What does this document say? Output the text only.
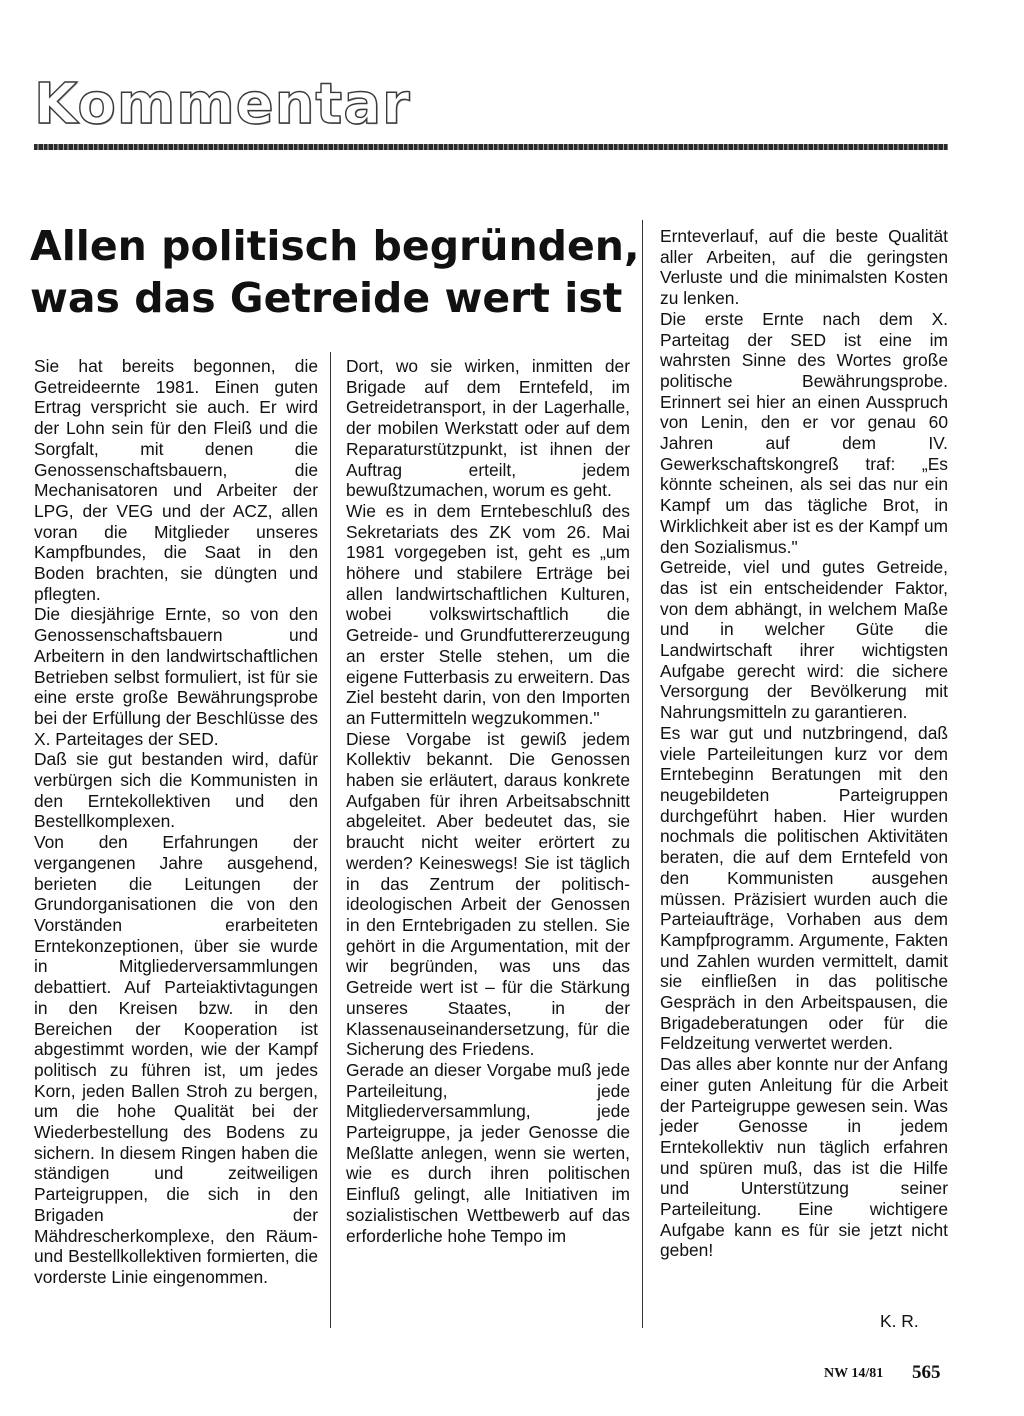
Kommentar
Allen politisch begründen,
was das Getreide wert ist

Sie hat bereits begonnen, die Getreideernte 1981. Einen guten Ertrag verspricht sie auch. Er wird der Lohn sein für den Fleiß und die Sorgfalt, mit denen die Genossenschaftsbauern, die Mechanisatoren und Arbeiter der LPG, der VEG und der ACZ, allen voran die Mitglieder unseres Kampfbundes, die Saat in den Boden brachten, sie düngten und pflegten.

Die diesjährige Ernte, so von den Genossenschaftsbauern und Arbeitern in den landwirtschaftlichen Betrieben selbst formuliert, ist für sie eine erste große Bewährungsprobe bei der Erfüllung der Beschlüsse des X. Parteitages der SED.

Daß sie gut bestanden wird, dafür verbürgen sich die Kommunisten in den Erntekollektiven und den Bestellkomplexen.

Von den Erfahrungen der vergangenen Jahre ausgehend, berieten die Leitungen der Grundorganisationen die von den Vorständen erarbeiteten Erntekonzeptionen, über sie wurde in Mitgliederversammlungen debattiert. Auf Parteiaktivtagungen in den Kreisen bzw. in den Bereichen der Kooperation ist abgestimmt worden, wie der Kampf politisch zu führen ist, um jedes Korn, jeden Ballen Stroh zu bergen, um die hohe Qualität bei der Wiederbestellung des Bodens zu sichern. In diesem Ringen haben die ständigen und zeitweiligen Parteigruppen, die sich in den Brigaden der Mähdrescherkomplexe, den Räum- und Bestellkollektiven formierten, die vorderste Linie eingenommen.

Dort, wo sie wirken, inmitten der Brigade auf dem Erntefeld, im Getreidetransport, in der Lagerhalle, der mobilen Werkstatt oder auf dem Reparaturstützpunkt, ist ihnen der Auftrag erteilt, jedem bewußtzumachen, worum es geht.

Wie es in dem Erntebeschluß des Sekretariats des ZK vom 26. Mai 1981 vorgegeben ist, geht es „um höhere und stabilere Erträge bei allen landwirtschaftlichen Kulturen, wobei volkswirtschaftlich die Getreide- und Grundfuttererzeugung an erster Stelle stehen, um die eigene Futterbasis zu erweitern. Das Ziel besteht darin, von den Importen an Futtermitteln wegzukommen."

Diese Vorgabe ist gewiß jedem Kollektiv bekannt. Die Genossen haben sie erläutert, daraus konkrete Aufgaben für ihren Arbeitsabschnitt abgeleitet. Aber bedeutet das, sie braucht nicht weiter erörtert zu werden? Keineswegs! Sie ist täglich in das Zentrum der politisch-ideologischen Arbeit der Genossen in den Erntebrigaden zu stellen. Sie gehört in die Argumentation, mit der wir begründen, was uns das Getreide wert ist – für die Stärkung unseres Staates, in der Klassenauseinandersetzung, für die Sicherung des Friedens.

Gerade an dieser Vorgabe muß jede Parteileitung, jede Mitgliederversammlung, jede Parteigruppe, ja jeder Genosse die Meßlatte anlegen, wenn sie werten, wie es durch ihren politischen Einfluß gelingt, alle Initiativen im sozialistischen Wettbewerb auf das erforderliche hohe Tempo im

Ernteverlauf, auf die beste Qualität aller Arbeiten, auf die geringsten Verluste und die minimalsten Kosten zu lenken.

Die erste Ernte nach dem X. Parteitag der SED ist eine im wahrsten Sinne des Wortes große politische Bewährungsprobe. Erinnert sei hier an einen Ausspruch von Lenin, den er vor genau 60 Jahren auf dem IV. Gewerkschaftskongreß traf: „Es könnte scheinen, als sei das nur ein Kampf um das tägliche Brot, in Wirklichkeit aber ist es der Kampf um den Sozialismus."

Getreide, viel und gutes Getreide, das ist ein entscheidender Faktor, von dem abhängt, in welchem Maße und in welcher Güte die Landwirtschaft ihrer wichtigsten Aufgabe gerecht wird: die sichere Versorgung der Bevölkerung mit Nahrungsmitteln zu garantieren.

Es war gut und nutzbringend, daß viele Parteileitungen kurz vor dem Erntebeginn Beratungen mit den neugebildeten Parteigruppen durchgeführt haben. Hier wurden nochmals die politischen Aktivitäten beraten, die auf dem Erntefeld von den Kommunisten ausgehen müssen. Präzisiert wurden auch die Parteiaufträge, Vorhaben aus dem Kampfprogramm. Argumente, Fakten und Zahlen wurden vermittelt, damit sie einfließen in das politische Gespräch in den Arbeitspausen, die Brigadeberatungen oder für die Feldzeitung verwertet werden.

Das alles aber konnte nur der Anfang einer guten Anleitung für die Arbeit der Parteigruppe gewesen sein. Was jeder Genosse in jedem Erntekollektiv nun täglich erfahren und spüren muß, das ist die Hilfe und Unterstützung seiner Parteileitung. Eine wichtigere Aufgabe kann es für sie jetzt nicht geben!

K. R.
NW 14/81 565
